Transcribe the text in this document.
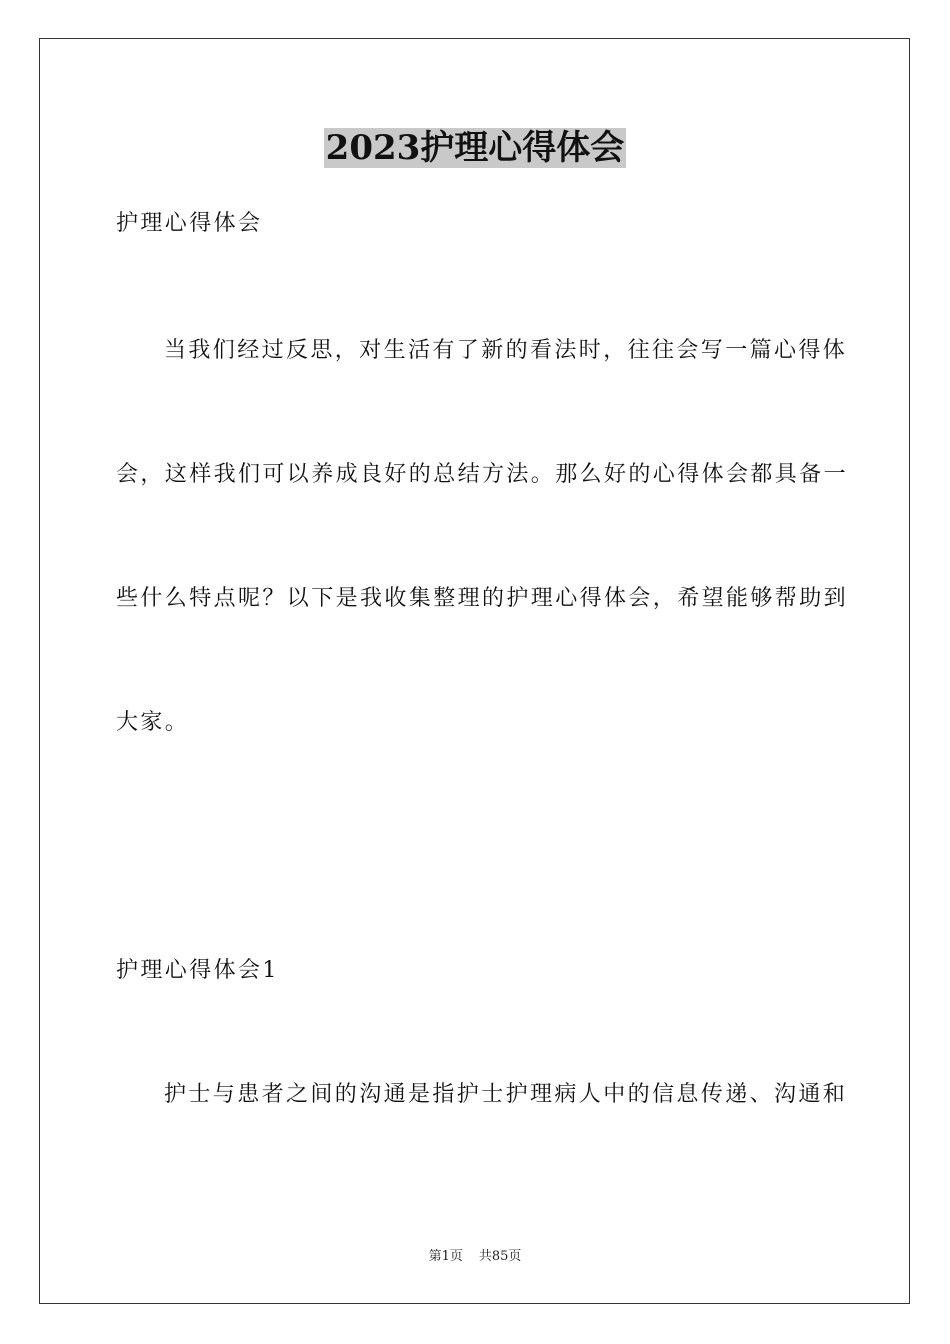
2023护理心得体会
护理心得体会
当我们经过反思，对生活有了新的看法时，往往会写一篇心得体
会，这样我们可以养成良好的总结方法。那么好的心得体会都具备一
些什么特点呢？以下是我收集整理的护理心得体会，希望能够帮助到
大家。
护理心得体会1
护士与患者之间的沟通是指护士护理病人中的信息传递、沟通和
第1页 共85页
